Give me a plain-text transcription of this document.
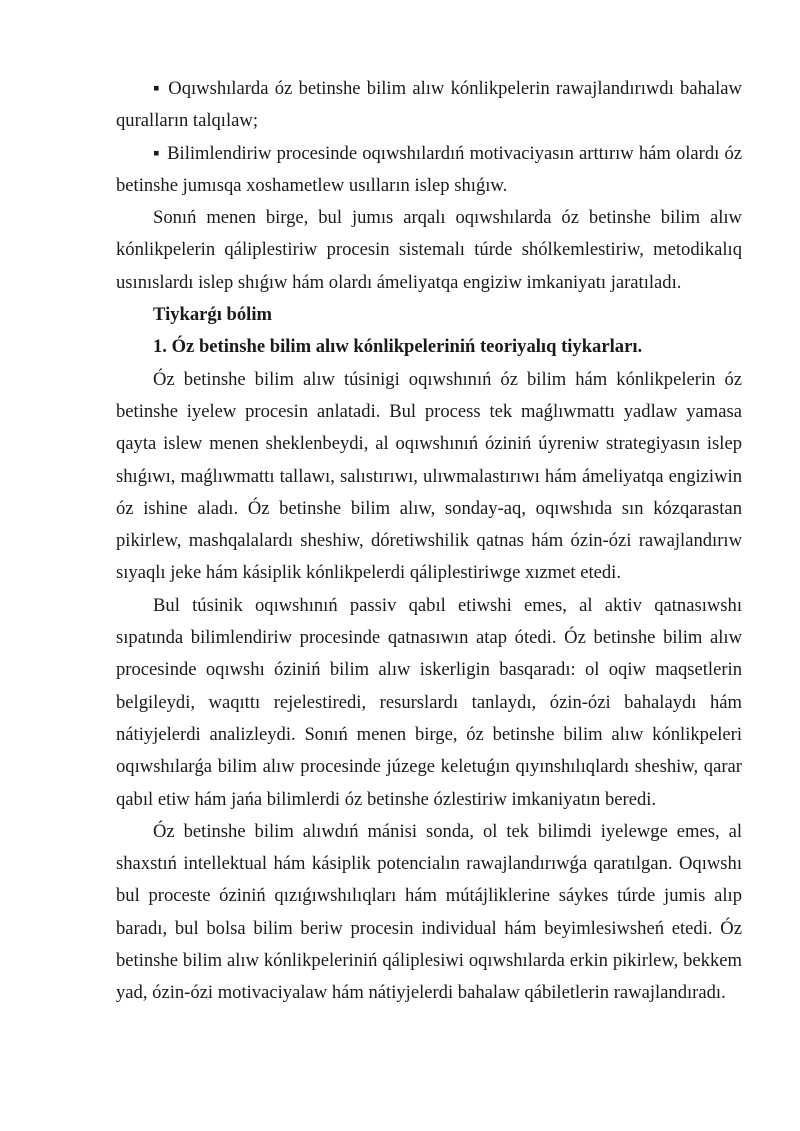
▪ Oqıwshılarda óz betinshe bilim alıw kónlikpelerin rawajlandırıwdı bahalaw quralların talqılaw;

▪ Bilimlendiriw procesinde oqıwshılardıń motivaciyasın arttırıw hám olardı óz betinshe jumısqa xoshametlew usılların islep shıǵıw.

Sonıń menen birge, bul jumıs arqalı oqıwshılarda óz betinshe bilim alıw kónlikpelerin qáliplestiriw procesin sistemalı túrde shólkemlestiriw, metodikalıq usınıslardı islep shıǵıw hám olardı ámeliyatqa engiziw imkaniyatı jaratıladı.

Tiykarǵı bólim

1. Óz betinshe bilim alıw kónlikpeleriniń teoriyalıq tiykarları.

Óz betinshe bilim alıw túsinigi oqıwshınıń óz bilim hám kónlikpelerin óz betinshe iyelew procesin anlatadi. Bul process tek maǵlıwmattı yadlaw yamasa qayta islew menen sheklenbeydi, al oqıwshınıń óziniń úyreniw strategiyasın islep shıǵıwı, maǵlıwmattı tallawı, salıstırıwı, ulıwmalastırıwı hám ámeliyatqa engiziwin óz ishine aladı. Óz betinshe bilim alıw, sonday-aq, oqıwshıda sın kózqarastan pikirlew, mashqalalardı sheshiw, dóretiwshilik qatnas hám ózin-ózi rawajlandırıw sıyaqlı jeke hám kásiplik kónlikpelerdi qáliplestiriwge xızmet etedi.

Bul túsinik oqıwshınıń passiv qabıl etiwshi emes, al aktiv qatnasıwshı sıpatında bilimlendiriw procesinde qatnasıwın atap ótedi. Óz betinshe bilim alıw procesinde oqıwshı óziniń bilim alıw iskerligin basqaradı: ol oqiw maqsetlerin belgileydi, waqıttı rejelestiredi, resurslardı tanlaydı, ózin-ózi bahalaydı hám nátiyjelerdi analizleydi. Sonıń menen birge, óz betinshe bilim alıw kónlikpeleri oqıwshılarǵa bilim alıw procesinde júzege keletuǵın qıyınshılıqlardı sheshiw, qarar qabıl etiw hám jańa bilimlerdi óz betinshe ózlestiriw imkaniyatın beredi.

Óz betinshe bilim alıwdıń mánisi sonda, ol tek bilimdi iyelewge emes, al shaxstıń intellektual hám kásiplik potencialın rawajlandırıwǵa qaratılgan. Oqıwshı bul proceste óziniń qızıǵıwshılıqları hám mútájliklerine sáykes túrde jumis alıp baradı, bul bolsa bilim beriw procesin individual hám beyimlesiwsheń etedi. Óz betinshe bilim alıw kónlikpeleriniń qáliplesiwi oqıwshılarda erkin pikirlew, bekkem yad, ózin-ózi motivaciyalaw hám nátiyjelerdi bahalaw qábiletlerin rawajlandıradı.
